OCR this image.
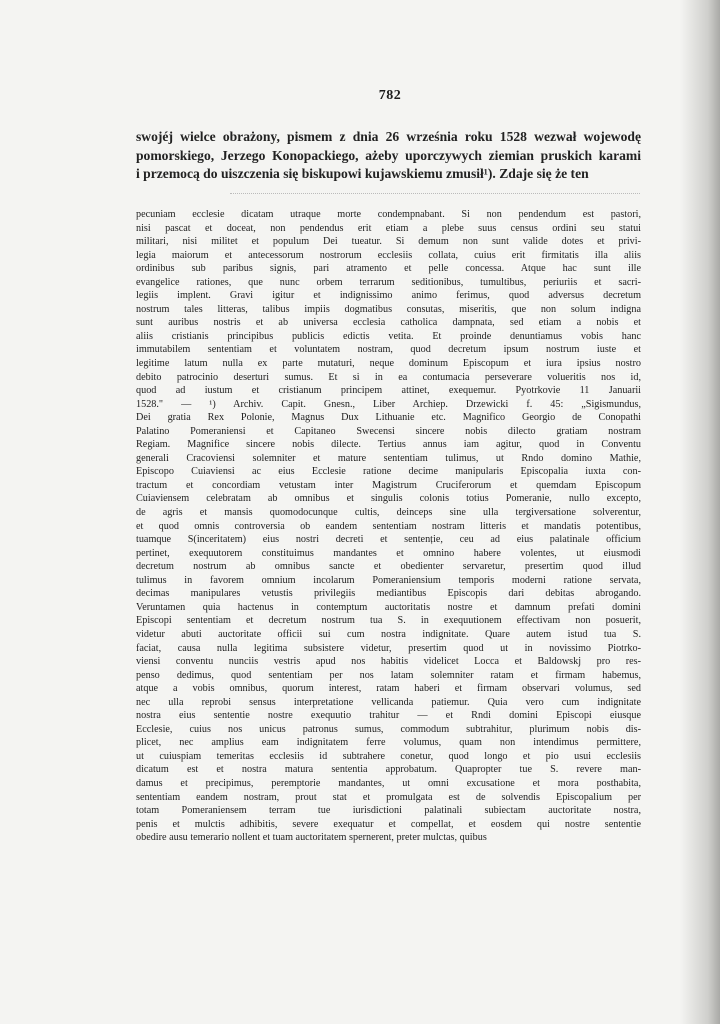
782
swojéj wielce obrażony, pismem z dnia 26 września roku 1528 wezwał wojewodę
pomorskiego, Jerzego Konopackiego, ażeby uporczywych ziemian pruskich karami
i przemocą do uiszczenia się biskupowi kujawskiemu zmusił¹). Zdaje się że ten
pecuniam ecclesie dicatam utraque morte condempnabant. Si non pendendum est pastori,
nisi pascat et doceat, non pendendus erit etiam a plebe suus census ordini seu statui
militari, nisi militet et populum Dei tueatur. Si demum non sunt valide dotes et privi-
legia maiorum et antecessorum nostrorum ecclesiis collata, cuius erit firmitatis illa aliis
ordinibus sub paribus signis, pari atramento et pelle concessa. Atque hac sunt ille
evangelice rationes, que nunc orbem terrarum seditionibus, tumultibus, periuriis et sacri-
legiis implent. Gravi igitur et indignissimo animo ferimus, quod adversus decretum
nostrum tales litteras, talibus impiis dogmatibus consutas, miseritis, que non solum indigna
sunt auribus nostris et ab universa ecclesia catholica dampnata, sed etiam a nobis et
aliis cristianis principibus publicis edictis vetita. Et proinde denuntiamus vobis hanc
immutabilem sententiam et voluntatem nostram, quod decretum ipsum nostrum iuste et
legitime latum nulla ex parte mutaturi, neque dominum Episcopum et iura ipsius nostro
debito patrocinio deserturi sumus. Et si in ea contumacia perseverare volueritis nos id,
quod ad iustum et cristianum principem attinet, exequemur. Pyotrkovie 11 Januarii
1528." — ¹) Archiv. Capit. Gnesn., Liber Archiep. Drzewicki f. 45: „Sigismundus,
Dei gratia Rex Polonie, Magnus Dux Lithuanie etc. Magnifico Georgio de Conopathi
Palatino Pomeraniensi et Capitaneo Swecensi sincere nobis dilecto gratiam nostram
Regiam. Magnifice sincere nobis dilecte. Tertius annus iam agitur, quod in Conventu
generali Cracoviensi solemniter et mature sententiam tulimus, ut Rndo domino Mathie,
Episcopo Cuiaviensi ac eius Ecclesie ratione decime manipularis Episcopalia iuxta con-
tractum et concordiam vetustam inter Magistrum Cruciferorum et quemdam Episcopum
Cuiaviensem celebratam ab omnibus et singulis colonis totius Pomeranie, nullo excepto,
de agris et mansis quomodocunque cultis, deinceps sine ulla tergiversatione solverentur,
et quod omnis controversia ob eandem sententiam nostram litteris et mandatis potentibus,
tuamque S(inceritatem) eius nostri decreti et sentenție, ceu ad eius palatinale officium
pertinet, exequutorem constituimus mandantes et omnino habere volentes, ut eiusmodi
decretum nostrum ab omnibus sancte et obedienter servaretur, presertim quod illud
tulimus in favorem omnium incolarum Pomeraniensium temporis moderni ratione servata,
decimas manipulares vetustis privilegiis mediantibus Episcopis dari debitas abrogando.
Veruntamen quia hactenus in contemptum auctoritatis nostre et damnum prefati domini
Episcopi sententiam et decretum nostrum tua S. in exequutionem effectivam non posuerit,
videtur abuti auctoritate officii sui cum nostra indignitate. Quare autem istud tua S.
faciat, causa nulla legitima subsistere videtur, presertim quod ut in novissimo Piotrko-
viensi conventu nunciis vestris apud nos habitis videlicet Locca et Baldowskj pro res-
penso dedimus, quod sententiam per nos latam solemniter ratam et firmam habemus,
atque a vobis omnibus, quorum interest, ratam haberi et firmam observari volumus, sed
nec ulla reprobi sensus interpretatione vellicanda patiemur. Quia vero cum indignitate
nostra eius sententie nostre exequutio trahitur — et Rndi domini Episcopi eiusque
Ecclesie, cuius nos unicus patronus sumus, commodum subtrahitur, plurimum nobis dis-
plicet, nec amplius eam indignitatem ferre volumus, quam non intendimus permittere,
ut cuiuspiam temeritas ecclesiis id subtrahere conetur, quod longo et pio usui ecclesiis
dicatum est et nostra matura sententia approbatum. Quapropter tue S. revere man-
damus et precipimus, peremptorie mandantes, ut omni excusatione et mora posthabita,
sententiam eandem nostram, prout stat et promulgata est de solvendis Episcopalium per
totam Pomeraniensem terram tue iurisdictioni palatinali subiectam auctoritate nostra,
penis et mulctis adhibitis, severe exequatur et compellat, et eosdem qui nostre sententie
obedire ausu temerario nollent et tuam auctoritatem spernerent, preter mulctas, quibus
